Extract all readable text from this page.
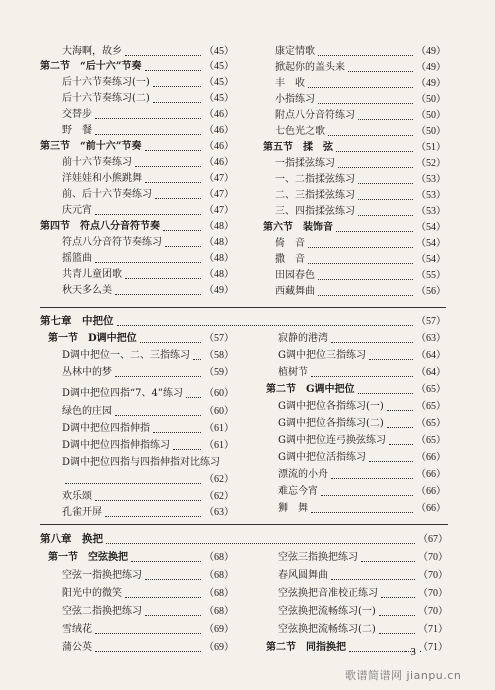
大海啊，故乡	（45）
第二节　“后十六”节奏	（45）
后十六节奏练习(一)	（45）
后十六节奏练习(二)	（45）
交替步	（46）
野　餐	（46）
第三节　“前十六”节奏	（46）
前十六节奏练习	（46）
洋娃娃和小熊跳舞	（47）
前、后十六节奏练习	（47）
庆元宵	（47）
第四节　符点八分音符节奏	（48）
符点八分音符节奏练习	（48）
摇篮曲	（48）
共青儿童团歌	（48）
秋天多么美	（49）
康定情歌	（49）
掀起你的盖头来	（49）
丰　收	（49）
小指练习	（50）
附点八分音符练习	（50）
七色光之歌	（50）
第五节　揉　弦	（51）
一指揉弦练习	（52）
一、二指揉弦练习	（53）
二、三指揉弦练习	（53）
三、四指揉弦练习	（53）
第六节　装饰音	（54）
倚　音	（54）
撒　音	（54）
田园春色	（55）
西藏舞曲	（56）
第七章　中把位	（57）
第一节　D调中把位	（57）
D调中把位一、二、三指练习 （58）
丛林中的梦	（59）
D调中把位四指“7、4”练习 （60）
绿色的庄园	（60）
D调中把位四指伸指	（61）
D调中把位四指伸指练习	（61）
D调中把位四指与四指伸指对比练习
（62）
欢乐颂	（62）
孔雀开屏	（63）
寂静的港湾	（63）
G调中把位三指练习	（64）
植树节	（64）
第二节　G调中把位	（65）
G调中把位各指练习(一)	（65）
G调中把位各指练习(二)	（65）
G调中把位连弓换弦练习	（65）
G调中把位活指练习	（66）
漂流的小舟	（66）
难忘今宵	（66）
狮　舞	（66）
第八章　换把	（67）
第一节　空弦换把	（68）
空弦一指换把练习	（68）
阳光中的微笑	（68）
空弦二指换把练习	（68）
雪绒花	（69）
蒲公英	（69）
空弦三指换把练习	（70）
春风圆舞曲	（70）
空弦换把音准校正练习	（70）
空弦换把流畅练习(一)	（70）
空弦换把流畅练习(二)	（71）
第二节　同指换把	（71）
· 3 ·
歌谱简谱网 jianpu.cn
